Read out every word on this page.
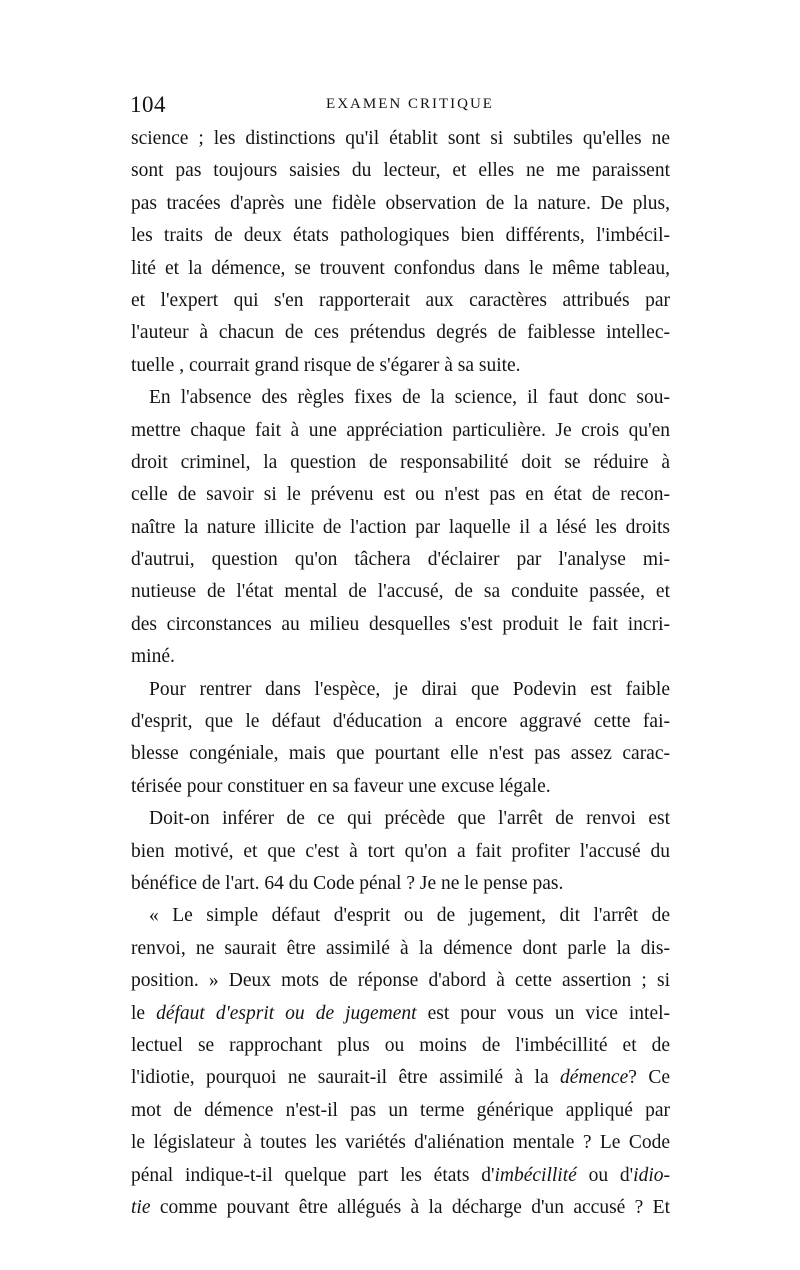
104	EXAMEN CRITIQUE
science ; les distinctions qu'il établit sont si subtiles qu'elles ne
sont pas toujours saisies du lecteur, et elles ne me paraissent
pas tracées d'après une fidèle observation de la nature. De plus,
les traits de deux états pathologiques bien différents, l'imbécil-
lité et la démence, se trouvent confondus dans le même tableau,
et l'expert qui s'en rapporterait aux caractères attribués par
l'auteur à chacun de ces prétendus degrés de faiblesse intellec-
tuelle , courrait grand risque de s'égarer à sa suite.
En l'absence des règles fixes de la science, il faut donc sou-
mettre chaque fait à une appréciation particulière. Je crois qu'en
droit criminel, la question de responsabilité doit se réduire à
celle de savoir si le prévenu est ou n'est pas en état de recon-
naître la nature illicite de l'action par laquelle il a lésé les droits
d'autrui, question qu'on tâchera d'éclairer par l'analyse mi-
nutieuse de l'état mental de l'accusé, de sa conduite passée, et
des circonstances au milieu desquelles s'est produit le fait incri-
miné.
Pour rentrer dans l'espèce, je dirai que Podevin est faible
d'esprit, que le défaut d'éducation a encore aggravé cette fai-
blesse congéniale, mais que pourtant elle n'est pas assez carac-
térisée pour constituer en sa faveur une excuse légale.
Doit-on inférer de ce qui précède que l'arrêt de renvoi est
bien motivé, et que c'est à tort qu'on a fait profiter l'accusé du
bénéfice de l'art. 64 du Code pénal ? Je ne le pense pas.
« Le simple défaut d'esprit ou de jugement, dit l'arrêt de
renvoi, ne saurait être assimilé à la démence dont parle la dis-
position. » Deux mots de réponse d'abord à cette assertion ; si
le défaut d'esprit ou de jugement est pour vous un vice intel-
lectuel se rapprochant plus ou moins de l'imbécillité et de
l'idiotie, pourquoi ne saurait-il être assimilé à la démence? Ce
mot de démence n'est-il pas un terme générique appliqué par
le législateur à toutes les variétés d'aliénation mentale ? Le Code
pénal indique-t-il quelque part les états d'imbécillité ou d'idio-
tie comme pouvant être allégués à la décharge d'un accusé ? Et
